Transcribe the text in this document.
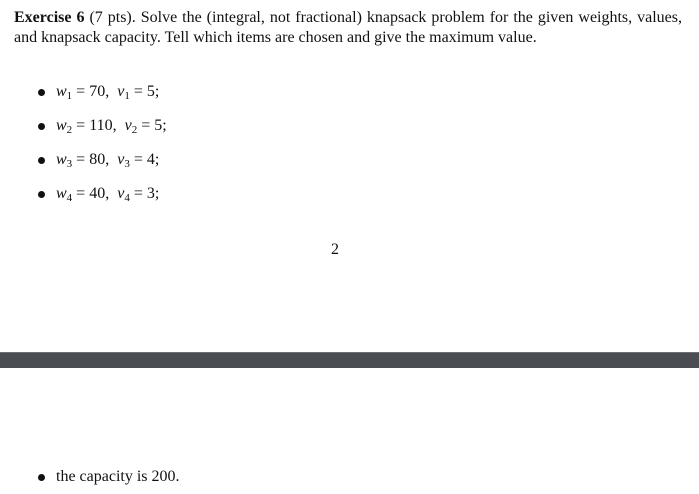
Exercise 6 (7 pts). Solve the (integral, not fractional) knapsack problem for the given weights, values, and knapsack capacity. Tell which items are chosen and give the maximum value.
$w_1 = 70$, $v_1 = 5$;
$w_2 = 110$, $v_2 = 5$;
$w_3 = 80$, $v_3 = 4$;
$w_4 = 40$, $v_4 = 3$;
2
the capacity is 200.
